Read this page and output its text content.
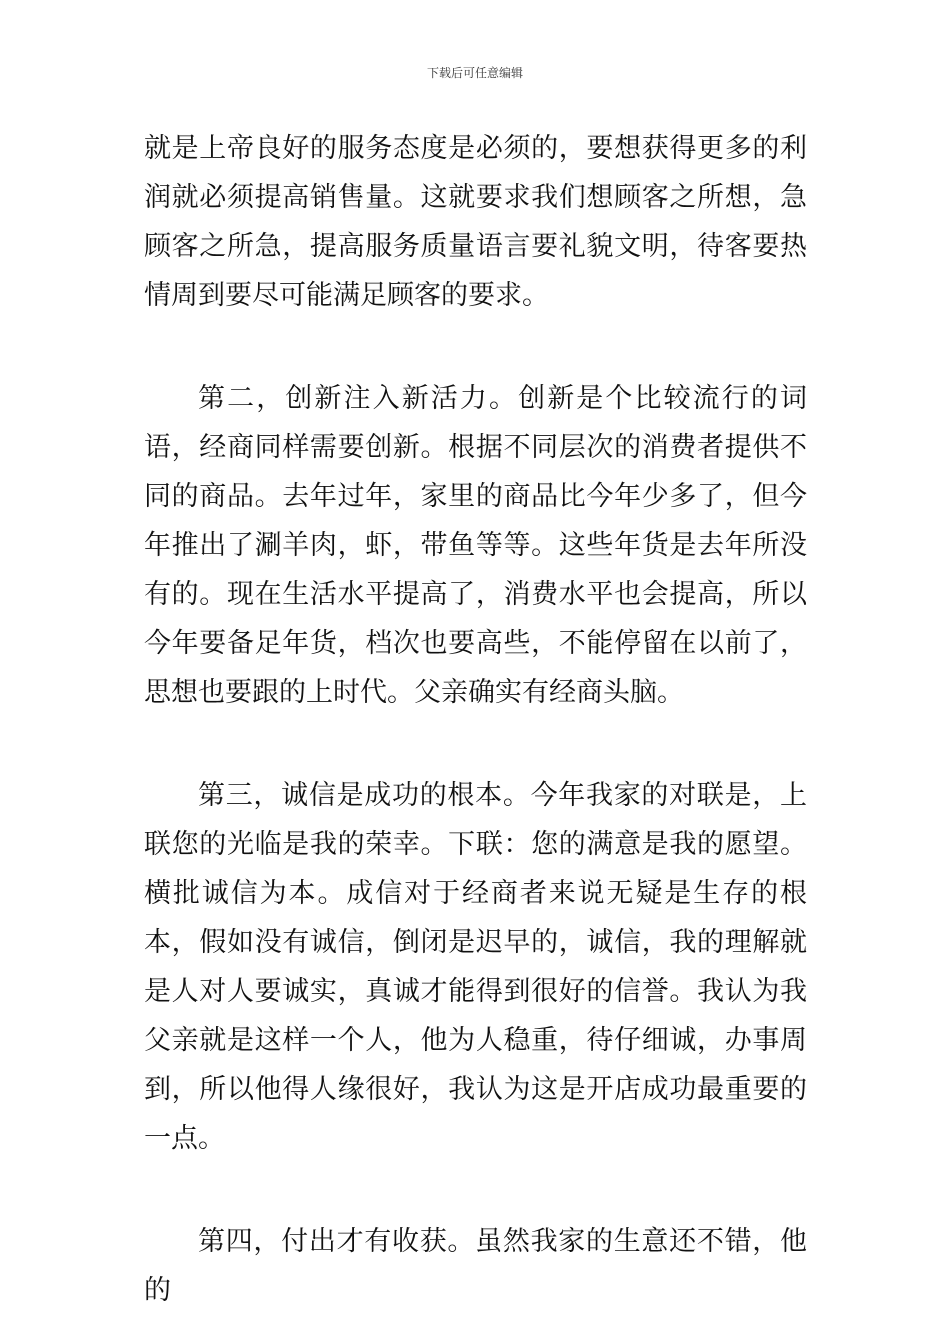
下载后可任意编辑

就是上帝良好的服务态度是必须的，要想获得更多的利润就必须提高销售量。这就要求我们想顾客之所想，急顾客之所急，提高服务质量语言要礼貌文明，待客要热情周到要尽可能满足顾客的要求。

第二，创新注入新活力。创新是个比较流行的词语，经商同样需要创新。根据不同层次的消费者提供不同的商品。去年过年，家里的商品比今年少多了，但今年推出了涮羊肉，虾，带鱼等等。这些年货是去年所没有的。现在生活水平提高了，消费水平也会提高，所以今年要备足年货，档次也要高些，不能停留在以前了，思想也要跟的上时代。父亲确实有经商头脑。

第三，诚信是成功的根本。今年我家的对联是，上联您的光临是我的荣幸。下联：您的满意是我的愿望。横批诚信为本。成信对于经商者来说无疑是生存的根本，假如没有诚信，倒闭是迟早的，诚信，我的理解就是人对人要诚实，真诚才能得到很好的信誉。我认为我父亲就是这样一个人，他为人稳重，待仔细诚，办事周到，所以他得人缘很好，我认为这是开店成功最重要的一点。

第四，付出才有收获。虽然我家的生意还不错，他的
